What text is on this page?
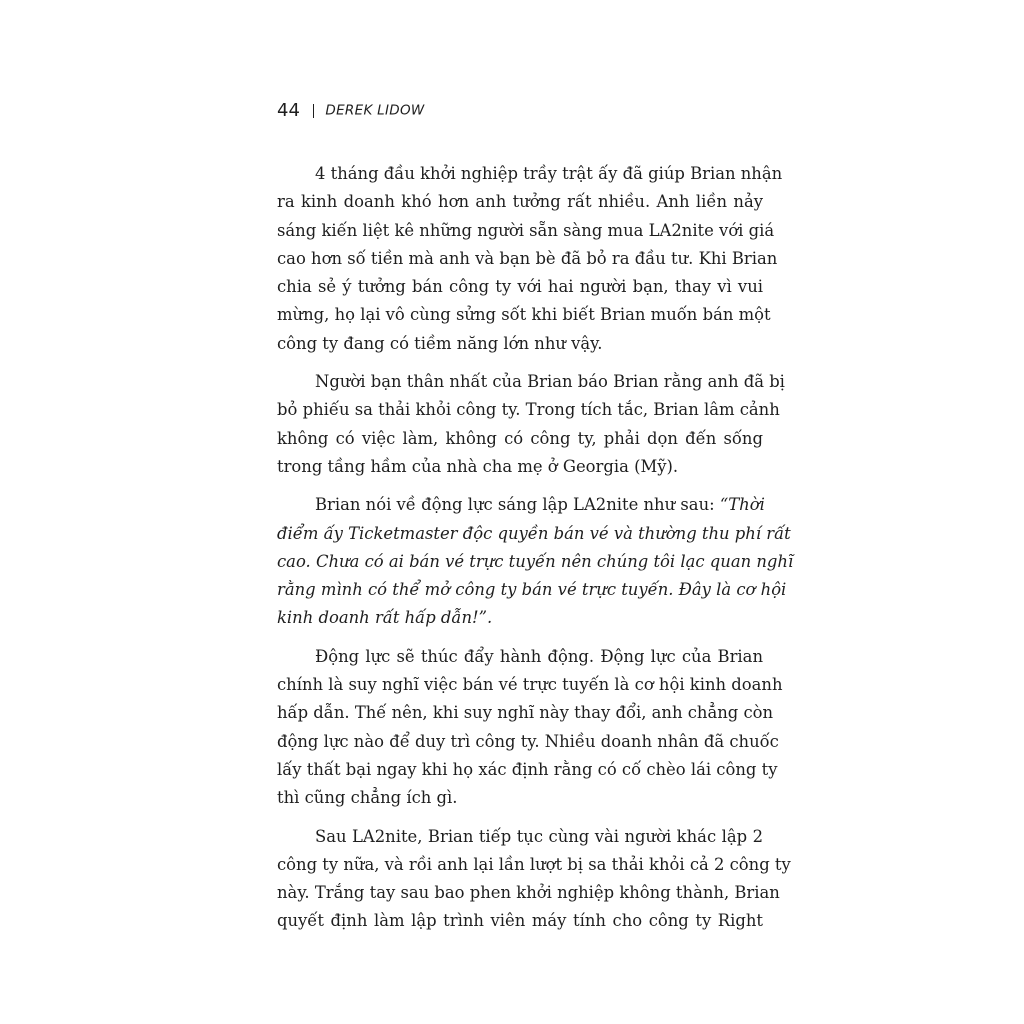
44 DEREK LIDOW

4 tháng đầu khởi nghiệp trầy trật ấy đã giúp Brian nhận
ra kinh doanh khó hơn anh tưởng rất nhiều. Anh liền nảy
sáng kiến liệt kê những người sẵn sàng mua LA2nite với giá
cao hơn số tiền mà anh và bạn bè đã bỏ ra đầu tư. Khi Brian
chia sẻ ý tưởng bán công ty với hai người bạn, thay vì vui
mừng, họ lại vô cùng sửng sốt khi biết Brian muốn bán một
công ty đang có tiềm năng lớn như vậy.

Người bạn thân nhất của Brian báo Brian rằng anh đã bị
bỏ phiếu sa thải khỏi công ty. Trong tích tắc, Brian lâm cảnh
không có việc làm, không có công ty, phải dọn đến sống
trong tầng hầm của nhà cha mẹ ở Georgia (Mỹ).

Brian nói về động lực sáng lập LA2nite như sau: “Thời
điểm ấy Ticketmaster độc quyền bán vé và thường thu phí rất
cao. Chưa có ai bán vé trực tuyến nên chúng tôi lạc quan nghĩ
rằng mình có thể mở công ty bán vé trực tuyến. Đây là cơ hội
kinh doanh rất hấp dẫn!”.

Động lực sẽ thúc đẩy hành động. Động lực của Brian
chính là suy nghĩ việc bán vé trực tuyến là cơ hội kinh doanh
hấp dẫn. Thế nên, khi suy nghĩ này thay đổi, anh chẳng còn
động lực nào để duy trì công ty. Nhiều doanh nhân đã chuốc
lấy thất bại ngay khi họ xác định rằng có cố chèo lái công ty
thì cũng chẳng ích gì.

Sau LA2nite, Brian tiếp tục cùng vài người khác lập 2
công ty nữa, và rồi anh lại lần lượt bị sa thải khỏi cả 2 công ty
này. Trắng tay sau bao phen khởi nghiệp không thành, Brian
quyết định làm lập trình viên máy tính cho công ty Right
